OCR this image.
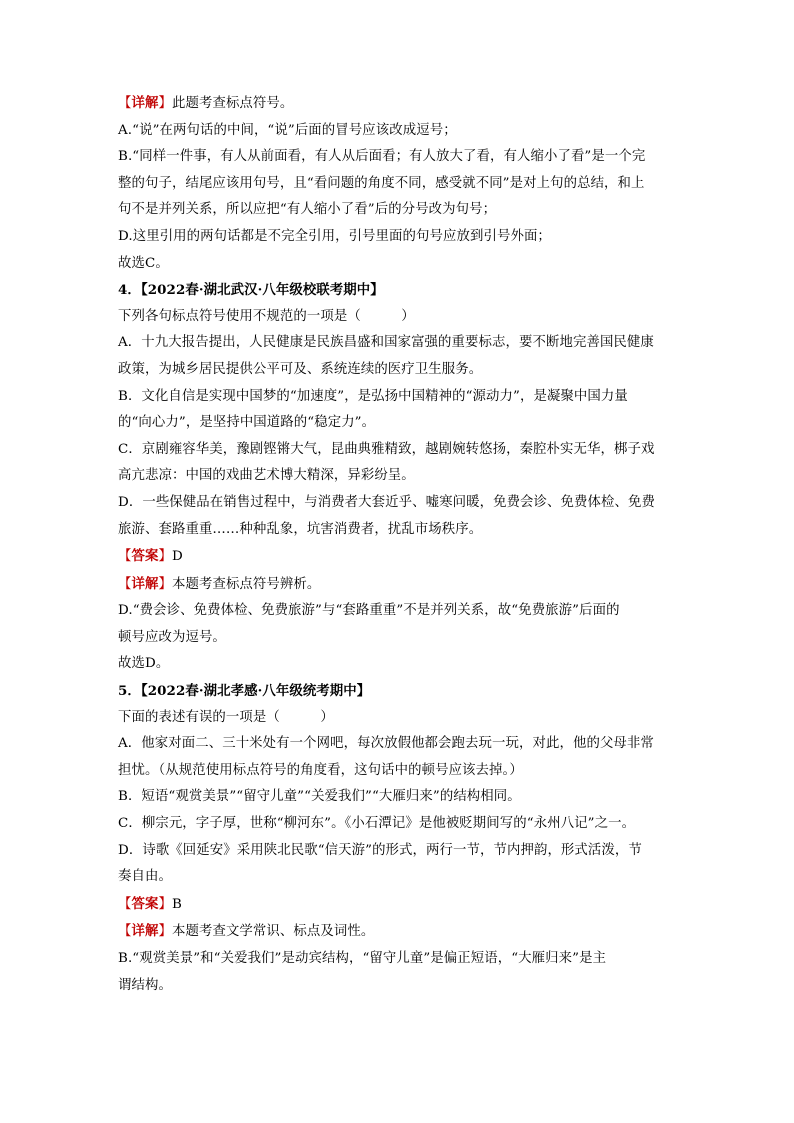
【详解】此题考查标点符号。

A.“说”在两句话的中间，“说”后面的冒号应该改成逗号；

B.“同样一件事，有人从前面看，有人从后面看；有人放大了看，有人缩小了看”是一个完

整的句子，结尾应该用句号，且“看问题的角度不同，感受就不同”是对上句的总结，和上

句不是并列关系，所以应把“有人缩小了看”后的分号改为句号；

D.这里引用的两句话都是不完全引用，引号里面的句号应放到引号外面；

故选C。

4．【2022春·湖北武汉·八年级校联考期中】

下列各句标点符号使用不规范的一项是（　　　）

A．十九大报告提出，人民健康是民族昌盛和国家富强的重要标志，要不断地完善国民健康

政策，为城乡居民提供公平可及、系统连续的医疗卫生服务。

B．文化自信是实现中国梦的“加速度”，是弘扬中国精神的“源动力”，是凝聚中国力量

的“向心力”，是坚持中国道路的“稳定力”。

C．京剧雍容华美，豫剧铿锵大气，昆曲典雅精致，越剧婉转悠扬，秦腔朴实无华，梆子戏

高亢悲凉：中国的戏曲艺术博大精深，异彩纷呈。

D．一些保健品在销售过程中，与消费者大套近乎、嘘寒问暖，免费会诊、免费体检、免费

旅游、套路重重……种种乱象，坑害消费者，扰乱市场秩序。

【答案】D

【详解】本题考查标点符号辨析。

D.“费会诊、免费体检、免费旅游”与“套路重重”不是并列关系，故“免费旅游”后面的

顿号应改为逗号。

故选D。

5．【2022春·湖北孝感·八年级统考期中】

下面的表述有误的一项是（　　　）

A．他家对面二、三十米处有一个网吧，每次放假他都会跑去玩一玩，对此，他的父母非常

担忧。（从规范使用标点符号的角度看，这句话中的顿号应该去掉。）

B．短语“观赏美景”“留守儿童”“关爱我们”“大雁归来”的结构相同。

C．柳宗元，字子厚，世称“柳河东”。《小石潭记》是他被贬期间写的“永州八记”之一。

D．诗歌《回延安》采用陕北民歌“信天游”的形式，两行一节，节内押韵，形式活泼，节

奏自由。

【答案】B

【详解】本题考查文学常识、标点及词性。

B.“观赏美景”和“关爱我们”是动宾结构，“留守儿童”是偏正短语，“大雁归来”是主

谓结构。
